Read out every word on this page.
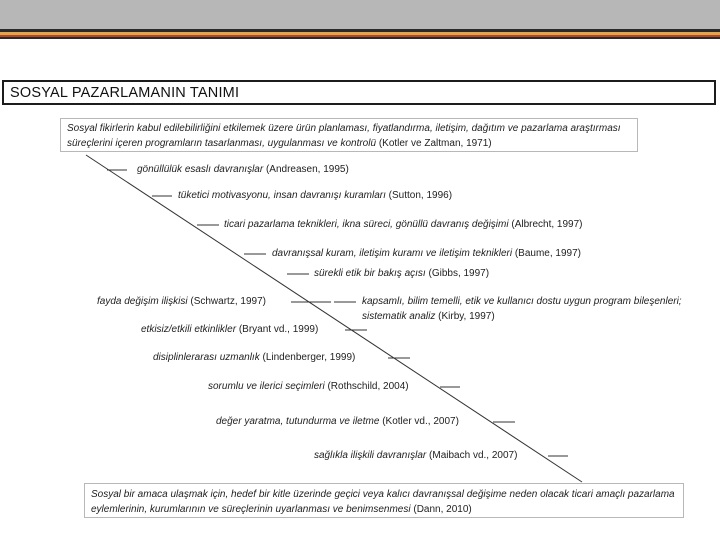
SOSYAL PAZARLAMANIN TANIMI
Sosyal fikirlerin kabul edilebilirliğini etkilemek üzere ürün planlaması, fiyatlandırma, iletişim, dağıtım ve pazarlama araştırması süreçlerini içeren programların tasarlanması, uygulanması ve kontrolü (Kotler ve Zaltman, 1971)
gönüllülük esaslı davranışlar (Andreasen, 1995)
tüketici motivasyonu, insan davranışı kuramları (Sutton, 1996)
ticari pazarlama teknikleri, ikna süreci, gönüllü davranış değişimi (Albrecht, 1997)
davranışsal kuram, iletişim kuramı ve iletişim teknikleri (Baume, 1997)
sürekli etik bir bakış açısı (Gibbs, 1997)
fayda değişim ilişkisi (Schwartz, 1997)	kapsamlı, bilim temelli, etik ve kullanıcı dostu uygun program bileşenleri; sistematik analiz (Kirby, 1997)
etkisiz/etkili etkinlikler (Bryant vd., 1999)
disiplinlerarası uzmanlık (Lindenberger, 1999)
sorumlu ve ilerici seçimleri (Rothschild, 2004)
değer yaratma, tutundurma ve iletme (Kotler vd., 2007)
sağlıkla ilişkili davranışlar (Maibach vd., 2007)
Sosyal bir amaca ulaşmak için, hedef bir kitle üzerinde geçici veya kalıcı davranışsal değişime neden olacak ticari amaçlı pazarlama eylemlerinin, kurumlarının ve süreçlerinin uyarlanması ve benimsenmesi (Dann, 2010)
